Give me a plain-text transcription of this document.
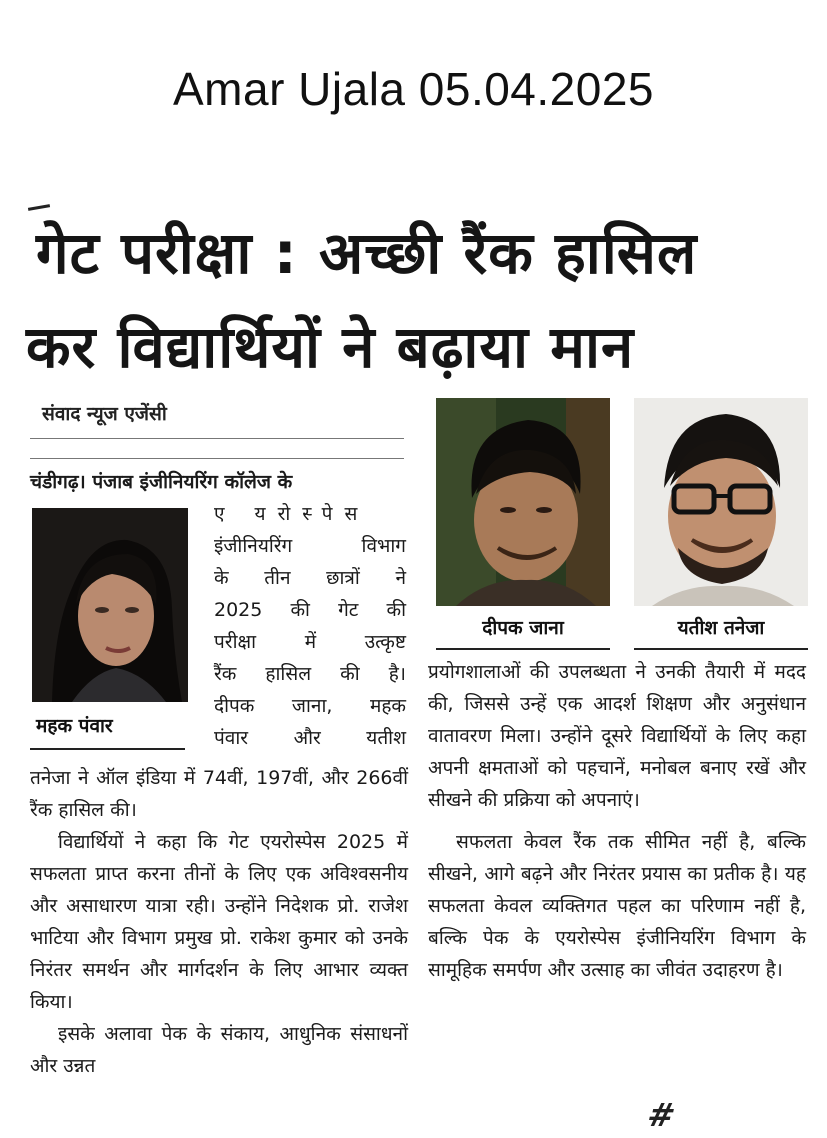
Amar Ujala 05.04.2025
गेट परीक्षा : अच्छी रैंक हासिल
कर विद्यार्थियों ने बढ़ाया मान
संवाद न्यूज एजेंसी
चंडीगढ़। पंजाब इंजीनियरिंग कॉलेज के
महक पंवार
ए यरोस्पेस
इंजीनियरिंग विभाग
के तीन छात्रों ने
2025 की गेट की
परीक्षा में उत्कृष्ट
रैंक हासिल की है।
दीपक जाना, महक
पंवार और यतीश

तनेजा ने ऑल इंडिया में 74वीं, 197वीं, और 266वीं रैंक हासिल की।

विद्यार्थियों ने कहा कि गेट एयरोस्पेस 2025 में सफलता प्राप्त करना तीनों के लिए एक अविश्वसनीय और असाधारण यात्रा रही। उन्होंने निदेशक प्रो. राजेश भाटिया और विभाग प्रमुख प्रो. राकेश कुमार को उनके निरंतर समर्थन और मार्गदर्शन के लिए आभार व्यक्त किया।

इसके अलावा पेक के संकाय, आधुनिक संसाधनों और उन्नत

दीपक जाना	यतीश तनेजा

प्रयोगशालाओं की उपलब्धता ने उनकी तैयारी में मदद की, जिससे उन्हें एक आदर्श शिक्षण और अनुसंधान वातावरण मिला। उन्होंने दूसरे विद्यार्थियों के लिए कहा अपनी क्षमताओं को पहचानें, मनोबल बनाए रखें और सीखने की प्रक्रिया को अपनाएं।

सफलता केवल रैंक तक सीमित नहीं है, बल्कि सीखने, आगे बढ़ने और निरंतर प्रयास का प्रतीक है। यह सफलता केवल व्यक्तिगत पहल का परिणाम नहीं है, बल्कि पेक के एयरोस्पेस इंजीनियरिंग विभाग के सामूहिक समर्पण और उत्साह का जीवंत उदाहरण है।

#
